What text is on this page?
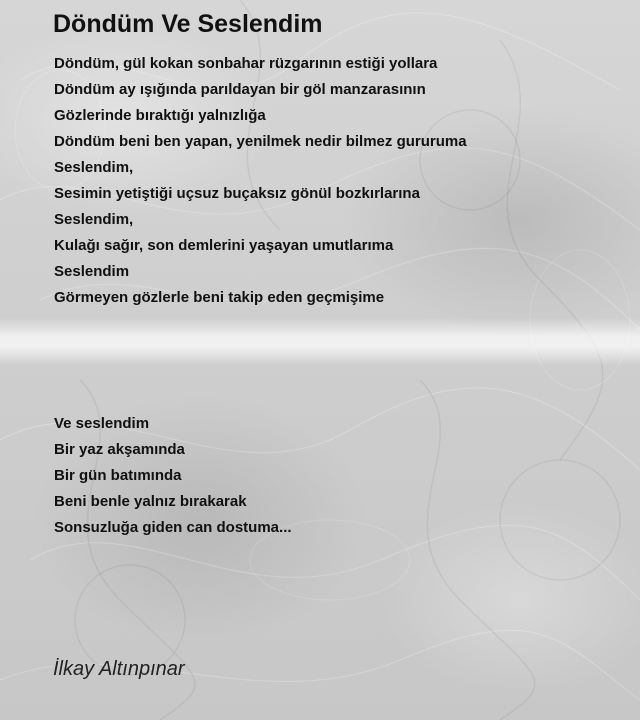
Döndüm Ve Seslendim
Döndüm, gül kokan sonbahar rüzgarının estiği yollara
Döndüm ay ışığında parıldayan bir göl manzarasının
Gözlerinde bıraktığı yalnızlığa
Döndüm beni ben yapan, yenilmek nedir bilmez gururuma
Seslendim,
Sesimin yetiştiği uçsuz buçaksız gönül bozkırlarına
Seslendim,
Kulağı sağır, son demlerini yaşayan umutlarıma
Seslendim
Görmeyen gözlerle beni takip eden geçmişime
Ve seslendim
Bir yaz akşamında
Bir gün batımında
Beni benle yalnız bırakarak
Sonsuzluğa giden can dostuma...

İlkay Altınpınar
